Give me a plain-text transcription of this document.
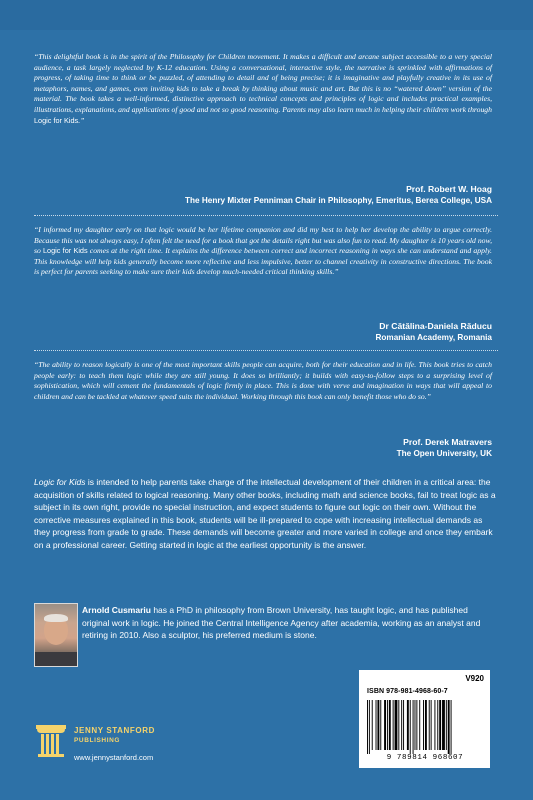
“This delightful book is in the spirit of the Philosophy for Children movement. It makes a difficult and arcane subject accessible to a very special audience, a task largely neglected by K-12 education. Using a conversational, interactive style, the narrative is sprinkled with affirmations of progress, of taking time to think or be puzzled, of attending to detail and of being precise; it is imaginative and playfully creative in its use of metaphors, names, and games, even inviting kids to take a break by thinking about music and art. But this is no “watered down” version of the material. The book takes a well-informed, distinctive approach to technical concepts and principles of logic and includes practical examples, illustrations, explanations, and applications of good and not so good reasoning. Parents may also learn much in helping their children work through Logic for Kids.”
Prof. Robert W. Hoag
The Henry Mixter Penniman Chair in Philosophy, Emeritus, Berea College, USA
“I informed my daughter early on that logic would be her lifetime companion and did my best to help her develop the ability to argue correctly. Because this was not always easy, I often felt the need for a book that got the details right but was also fun to read. My daughter is 10 years old now, so Logic for Kids comes at the right time. It explains the difference between correct and incorrect reasoning in ways she can understand and apply. This knowledge will help kids generally become more reflective and less impulsive, better to channel creativity in constructive directions. The book is perfect for parents seeking to make sure their kids develop much-needed critical thinking skills.”
Dr Cătălina-Daniela Răducu
Romanian Academy, Romania
“The ability to reason logically is one of the most important skills people can acquire, both for their education and in life. This book tries to catch people early: to teach them logic while they are still young. It does so brilliantly; it builds with easy-to-follow steps to a surprising level of sophistication, which will cement the fundamentals of logic firmly in place. This is done with verve and imagination in ways that will appeal to children and can be tackled at whatever speed suits the individual. Working through this book can only benefit those who do so.”
Prof. Derek Matravers
The Open University, UK
Logic for Kids is intended to help parents take charge of the intellectual development of their children in a critical area: the acquisition of skills related to logical reasoning. Many other books, including math and science books, fail to treat logic as a subject in its own right, provide no special instruction, and expect students to figure out logic on their own. Without the corrective measures explained in this book, students will be ill-prepared to cope with increasing intellectual demands as they progress from grade to grade. These demands will become greater and more varied in college and once they embark on a professional career. Getting started in logic at the earliest opportunity is the answer.
Arnold Cusmariu has a PhD in philosophy from Brown University, has taught logic, and has published original work in logic. He joined the Central Intelligence Agency after academia, working as an analyst and retiring in 2010. Also a sculptor, his preferred medium is stone.
JENNY STANFORD
PUBLISHING
www.jennystanford.com
V920
ISBN 978-981-4968-60-7
9 789814 968607
